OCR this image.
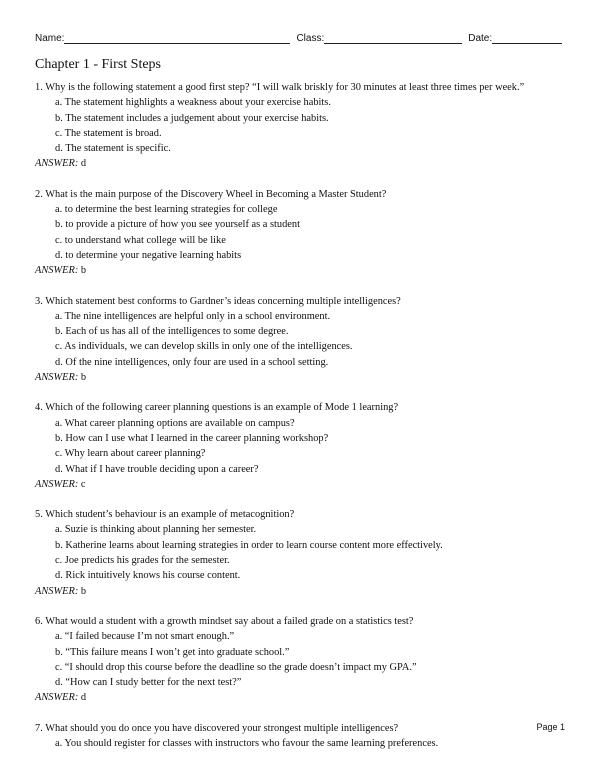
Name:	Class:	Date:
Chapter 1 - First Steps
1. Why is the following statement a good first step? “I will walk briskly for 30 minutes at least three times per week.”
a. The statement highlights a weakness about your exercise habits.
b. The statement includes a judgement about your exercise habits.
c. The statement is broad.
d. The statement is specific.
ANSWER: d
2. What is the main purpose of the Discovery Wheel in Becoming a Master Student?
a. to determine the best learning strategies for college
b. to provide a picture of how you see yourself as a student
c. to understand what college will be like
d. to determine your negative learning habits
ANSWER: b
3. Which statement best conforms to Gardner’s ideas concerning multiple intelligences?
a. The nine intelligences are helpful only in a school environment.
b. Each of us has all of the intelligences to some degree.
c. As individuals, we can develop skills in only one of the intelligences.
d. Of the nine intelligences, only four are used in a school setting.
ANSWER: b
4. Which of the following career planning questions is an example of Mode 1 learning?
a. What career planning options are available on campus?
b. How can I use what I learned in the career planning workshop?
c. Why learn about career planning?
d. What if I have trouble deciding upon a career?
ANSWER: c
5. Which student’s behaviour is an example of metacognition?
a. Suzie is thinking about planning her semester.
b. Katherine learns about learning strategies in order to learn course content more effectively.
c. Joe predicts his grades for the semester.
d. Rick intuitively knows his course content.
ANSWER: b
6. What would a student with a growth mindset say about a failed grade on a statistics test?
a. “I failed because I’m not smart enough.”
b. “This failure means I won’t get into graduate school.”
c. “I should drop this course before the deadline so the grade doesn’t impact my GPA.”
d. “How can I study better for the next test?”
ANSWER: d
7. What should you do once you have discovered your strongest multiple intelligences?
a. You should register for classes with instructors who favour the same learning preferences.
Page 1
